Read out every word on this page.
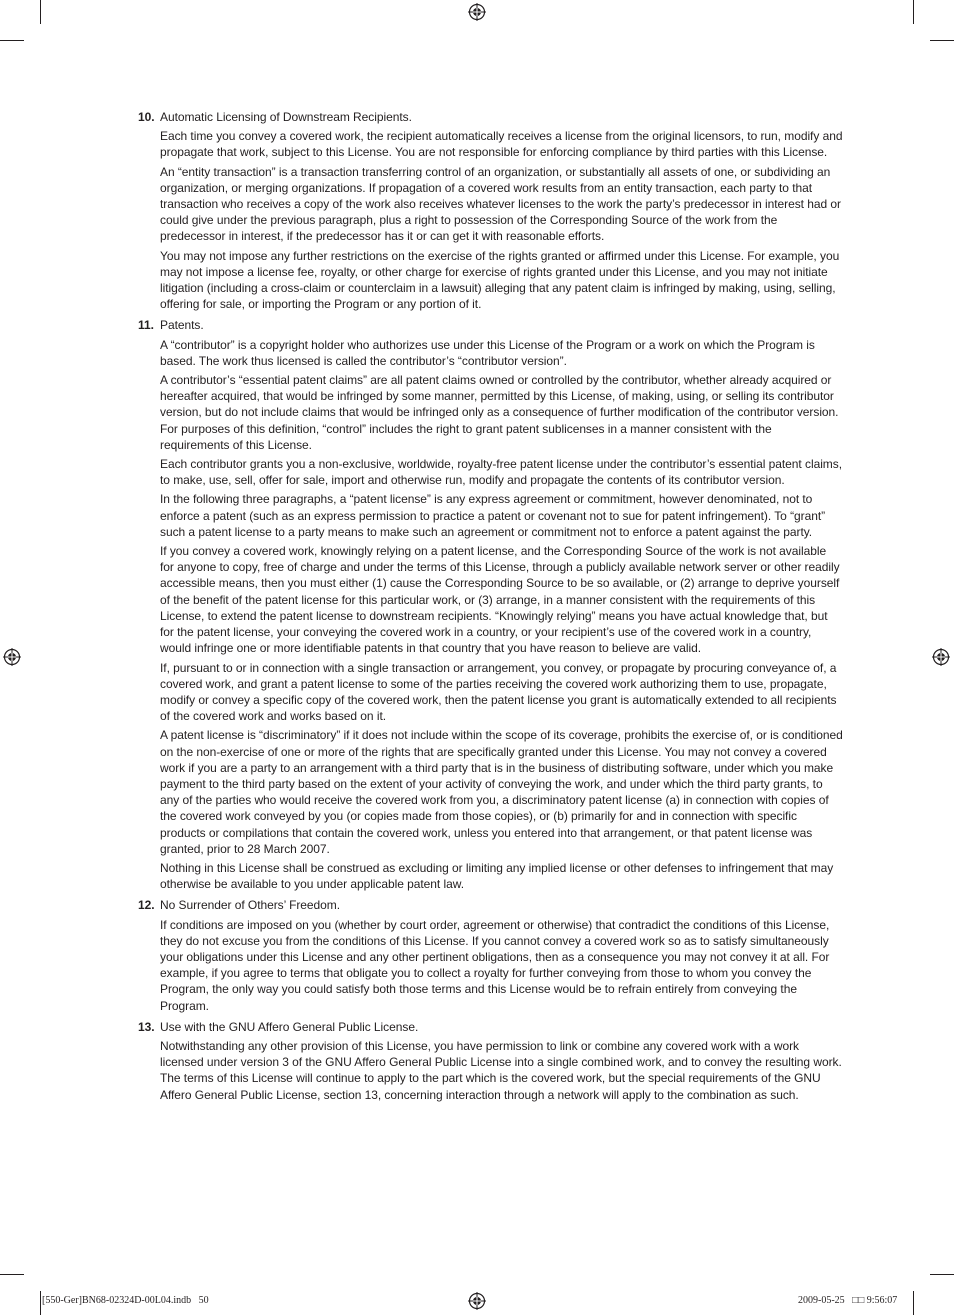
10. Automatic Licensing of Downstream Recipients.

Each time you convey a covered work, the recipient automatically receives a license from the original licensors, to run, modify and propagate that work, subject to this License. You are not responsible for enforcing compliance by third parties with this License.

An “entity transaction” is a transaction transferring control of an organization, or substantially all assets of one, or subdividing an organization, or merging organizations. If propagation of a covered work results from an entity transaction, each party to that transaction who receives a copy of the work also receives whatever licenses to the work the party’s predecessor in interest had or could give under the previous paragraph, plus a right to possession of the Corresponding Source of the work from the predecessor in interest, if the predecessor has it or can get it with reasonable efforts.

You may not impose any further restrictions on the exercise of the rights granted or affirmed under this License. For example, you may not impose a license fee, royalty, or other charge for exercise of rights granted under this License, and you may not initiate litigation (including a cross-claim or counterclaim in a lawsuit) alleging that any patent claim is infringed by making, using, selling, offering for sale, or importing the Program or any portion of it.

11. Patents.

A “contributor” is a copyright holder who authorizes use under this License of the Program or a work on which the Program is based. The work thus licensed is called the contributor’s “contributor version”.

A contributor’s “essential patent claims” are all patent claims owned or controlled by the contributor, whether already acquired or hereafter acquired, that would be infringed by some manner, permitted by this License, of making, using, or selling its contributor version, but do not include claims that would be infringed only as a consequence of further modification of the contributor version. For purposes of this definition, “control” includes the right to grant patent sublicenses in a manner consistent with the requirements of this License.

Each contributor grants you a non-exclusive, worldwide, royalty-free patent license under the contributor’s essential patent claims, to make, use, sell, offer for sale, import and otherwise run, modify and propagate the contents of its contributor version.

In the following three paragraphs, a “patent license” is any express agreement or commitment, however denominated, not to enforce a patent (such as an express permission to practice a patent or covenant not to sue for patent infringement). To “grant” such a patent license to a party means to make such an agreement or commitment not to enforce a patent against the party.

If you convey a covered work, knowingly relying on a patent license, and the Corresponding Source of the work is not available for anyone to copy, free of charge and under the terms of this License, through a publicly available network server or other readily accessible means, then you must either (1) cause the Corresponding Source to be so available, or (2) arrange to deprive yourself of the benefit of the patent license for this particular work, or (3) arrange, in a manner consistent with the requirements of this License, to extend the patent license to downstream recipients. “Knowingly relying” means you have actual knowledge that, but for the patent license, your conveying the covered work in a country, or your recipient’s use of the covered work in a country, would infringe one or more identifiable patents in that country that you have reason to believe are valid.

If, pursuant to or in connection with a single transaction or arrangement, you convey, or propagate by procuring conveyance of, a covered work, and grant a patent license to some of the parties receiving the covered work authorizing them to use, propagate, modify or convey a specific copy of the covered work, then the patent license you grant is automatically extended to all recipients of the covered work and works based on it.

A patent license is “discriminatory” if it does not include within the scope of its coverage, prohibits the exercise of, or is conditioned on the non-exercise of one or more of the rights that are specifically granted under this License. You may not convey a covered work if you are a party to an arrangement with a third party that is in the business of distributing software, under which you make payment to the third party based on the extent of your activity of conveying the work, and under which the third party grants, to any of the parties who would receive the covered work from you, a discriminatory patent license (a) in connection with copies of the covered work conveyed by you (or copies made from those copies), or (b) primarily for and in connection with specific products or compilations that contain the covered work, unless you entered into that arrangement, or that patent license was granted, prior to 28 March 2007.

Nothing in this License shall be construed as excluding or limiting any implied license or other defenses to infringement that may otherwise be available to you under applicable patent law.

12. No Surrender of Others’ Freedom.

If conditions are imposed on you (whether by court order, agreement or otherwise) that contradict the conditions of this License, they do not excuse you from the conditions of this License. If you cannot convey a covered work so as to satisfy simultaneously your obligations under this License and any other pertinent obligations, then as a consequence you may not convey it at all. For example, if you agree to terms that obligate you to collect a royalty for further conveying from those to whom you convey the Program, the only way you could satisfy both those terms and this License would be to refrain entirely from conveying the Program.

13. Use with the GNU Affero General Public License.

Notwithstanding any other provision of this License, you have permission to link or combine any covered work with a work licensed under version 3 of the GNU Affero General Public License into a single combined work, and to convey the resulting work. The terms of this License will continue to apply to the part which is the covered work, but the special requirements of the GNU Affero General Public License, section 13, concerning interaction through a network will apply to the combination as such.

[550-Ger]BN68-02324D-00L04.indb   50	2009-05-25   □□ 9:56:07
